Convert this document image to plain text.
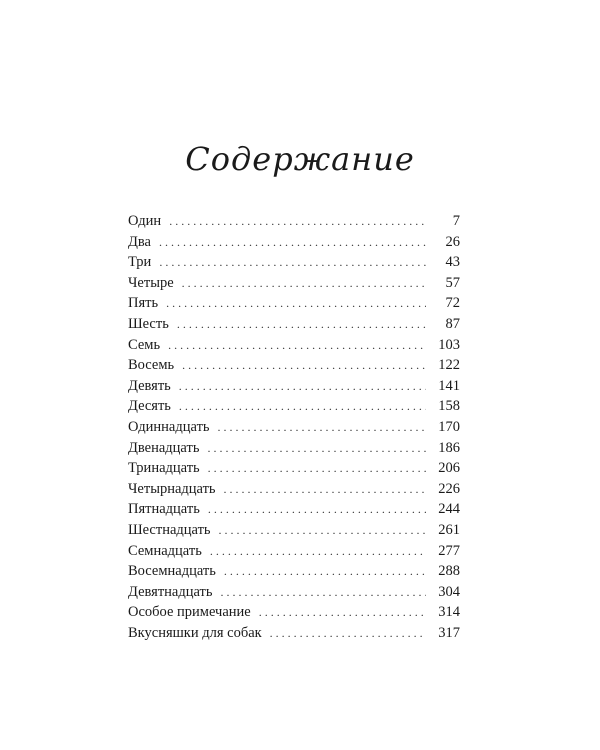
Содержание
Один . . .	7
Два . . .	26
Три . . .	43
Четыре . . .	57
Пять . . .	72
Шесть . . .	87
Семь . . .	103
Восемь . . .	122
Девять . . .	141
Десять . . .	158
Одиннадцать . . .	170
Двенадцать . . .	186
Тринадцать . . .	206
Четырнадцать . . .	226
Пятнадцать . . .	244
Шестнадцать . . .	261
Семнадцать . . .	277
Восемнадцать . . .	288
Девятнадцать . . .	304
Особое примечание . . .	314
Вкусняшки для собак . . .	317
